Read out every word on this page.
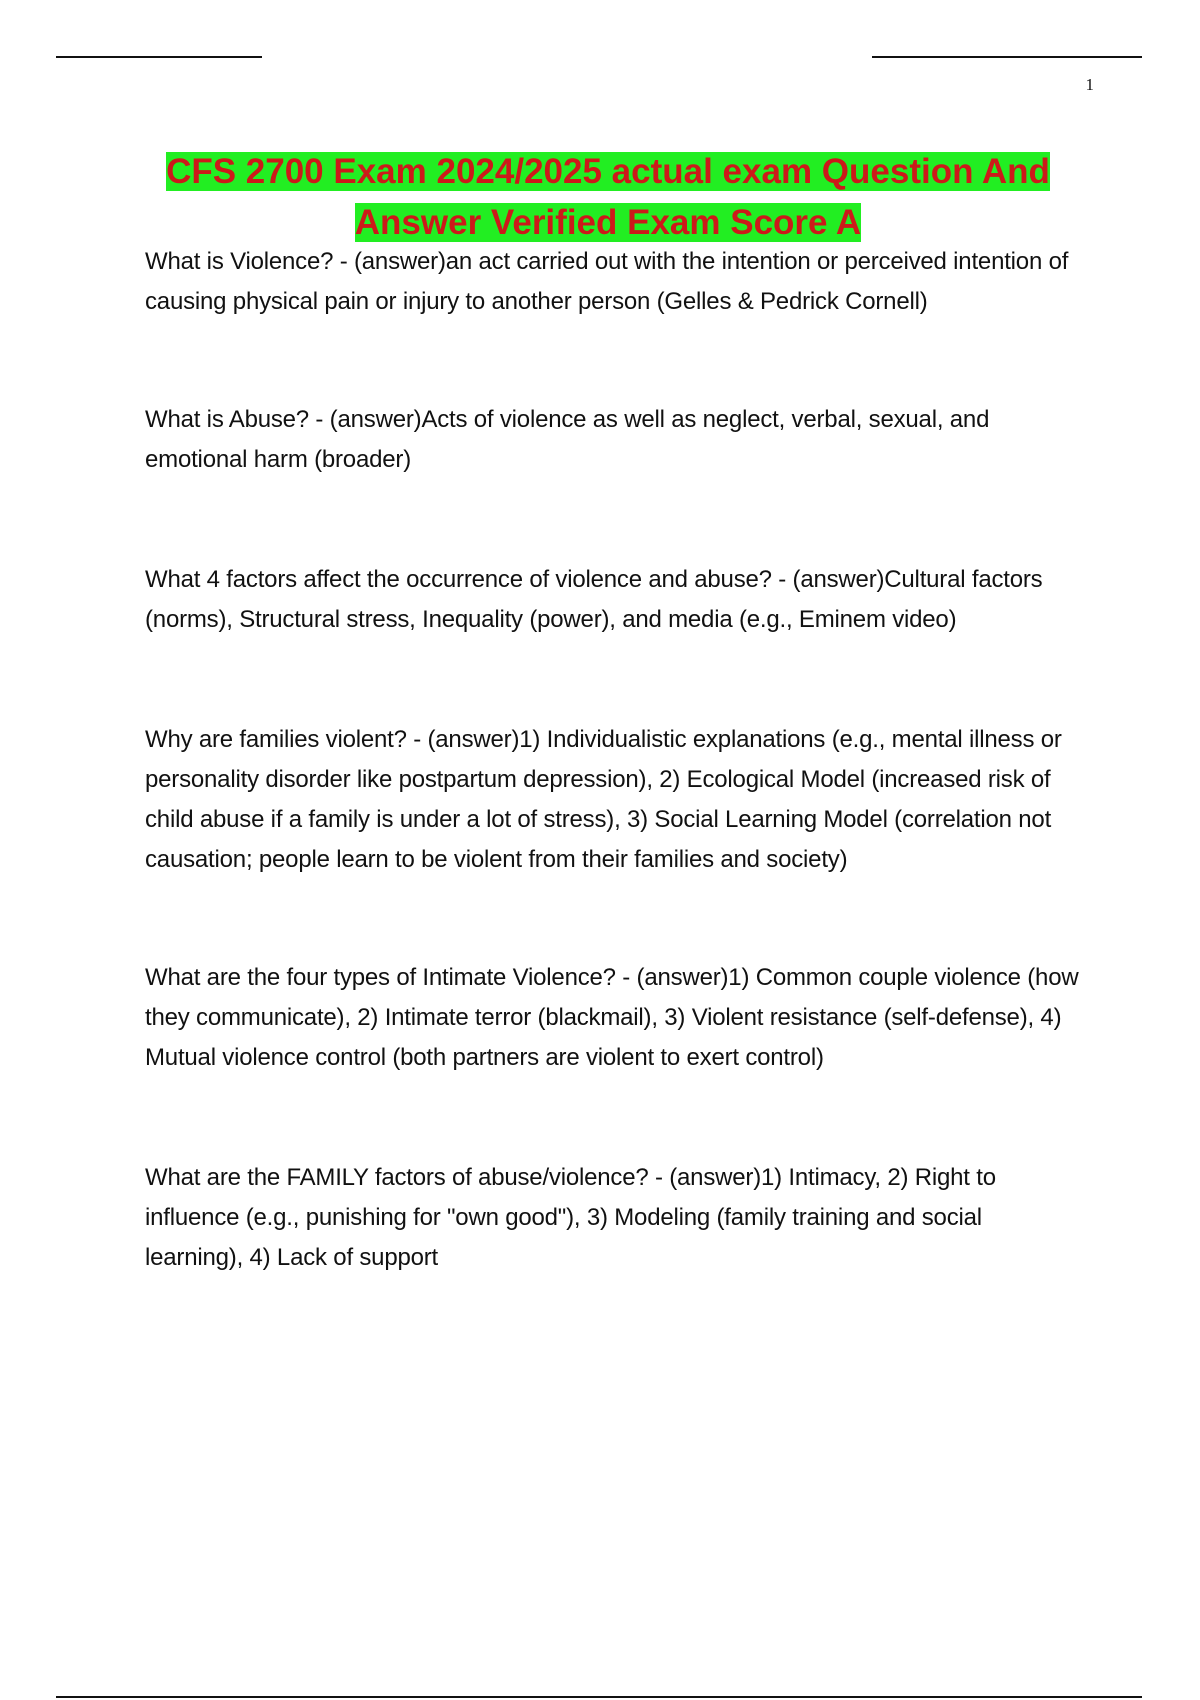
1
CFS 2700 Exam 2024/2025 actual exam Question And
Answer Verified Exam Score A

What is Violence? - (answer)an act carried out with the intention or perceived intention of causing physical pain or injury to another person (Gelles & Pedrick Cornell)

What is Abuse? - (answer)Acts of violence as well as neglect, verbal, sexual, and emotional harm (broader)

What 4 factors affect the occurrence of violence and abuse? - (answer)Cultural factors (norms), Structural stress, Inequality (power), and media (e.g., Eminem video)

Why are families violent? - (answer)1) Individualistic explanations (e.g., mental illness or personality disorder like postpartum depression), 2) Ecological Model (increased risk of child abuse if a family is under a lot of stress), 3) Social Learning Model (correlation not causation; people learn to be violent from their families and society)

What are the four types of Intimate Violence? - (answer)1) Common couple violence (how they communicate), 2) Intimate terror (blackmail), 3) Violent resistance (self-defense), 4) Mutual violence control (both partners are violent to exert control)

What are the FAMILY factors of abuse/violence? - (answer)1) Intimacy, 2) Right to influence (e.g., punishing for "own good"), 3) Modeling (family training and social learning), 4) Lack of support
